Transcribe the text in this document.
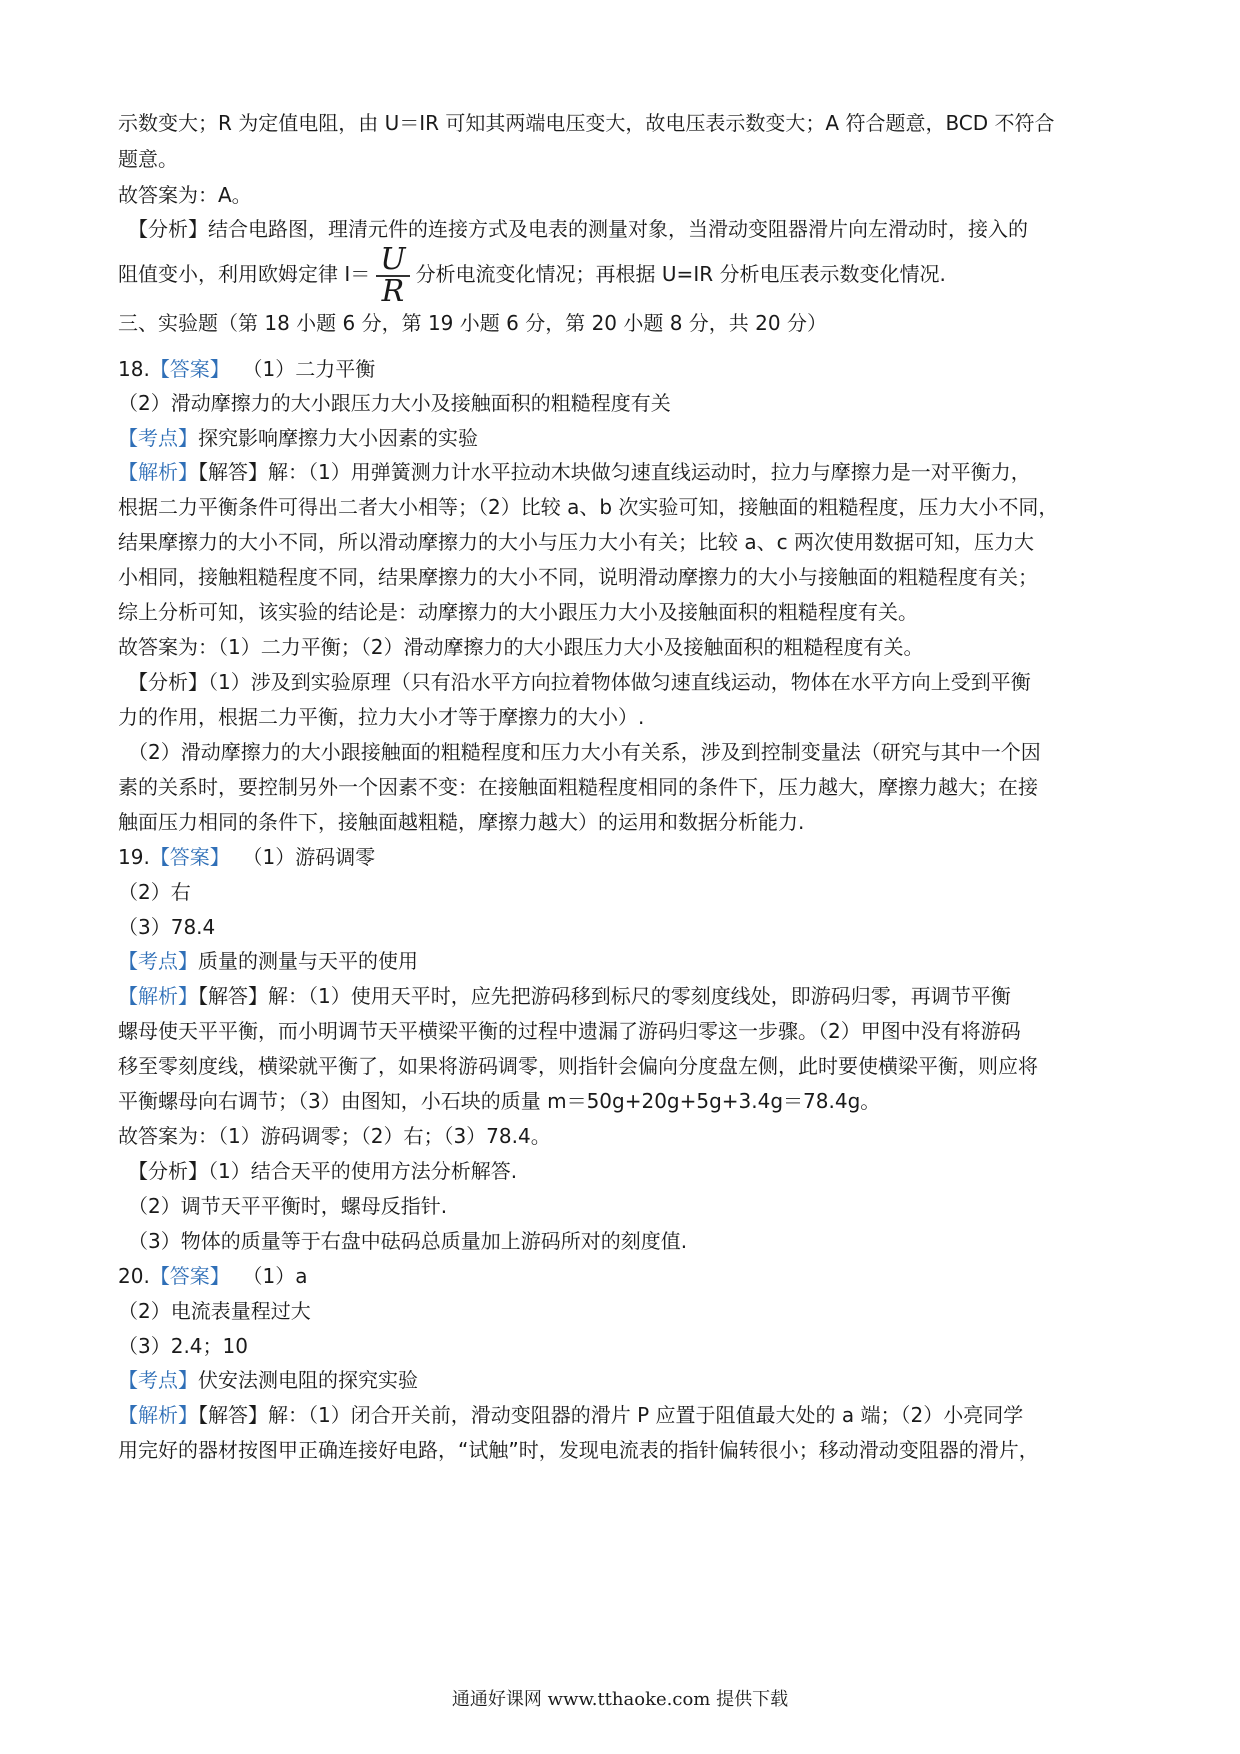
示数变大；R 为定值电阻，由 U＝IR 可知其两端电压变大，故电压表示数变大；A 符合题意，BCD 不符合
题意。
故答案为：A。
【分析】结合电路图，理清元件的连接方式及电表的测量对象，当滑动变阻器滑片向左滑动时，接入的
阻值变小，利用欧姆定律 $I= \frac{U}{R}$ 分析电流变化情况；再根据 U=IR 分析电压表示数变化情况.
三、实验题（第 18 小题 6 分，第 19 小题 6 分，第 20 小题 8 分，共 20 分）
18.【答案】 （1）二力平衡
（2）滑动摩擦力的大小跟压力大小及接触面积的粗糙程度有关
【考点】探究影响摩擦力大小因素的实验
【解析】【解答】解：（1）用弹簧测力计水平拉动木块做匀速直线运动时，拉力与摩擦力是一对平衡力，
根据二力平衡条件可得出二者大小相等；（2）比较 a、b 次实验可知，接触面的粗糙程度，压力大小不同，
结果摩擦力的大小不同，所以滑动摩擦力的大小与压力大小有关；比较 a、c 两次使用数据可知，压力大
小相同，接触粗糙程度不同，结果摩擦力的大小不同，说明滑动摩擦力的大小与接触面的粗糙程度有关；
综上分析可知，该实验的结论是：动摩擦力的大小跟压力大小及接触面积的粗糙程度有关。
故答案为：（1）二力平衡；（2）滑动摩擦力的大小跟压力大小及接触面积的粗糙程度有关。
【分析】（1）涉及到实验原理（只有沿水平方向拉着物体做匀速直线运动，物体在水平方向上受到平衡
力的作用，根据二力平衡，拉力大小才等于摩擦力的大小）.
（2）滑动摩擦力的大小跟接触面的粗糙程度和压力大小有关系，涉及到控制变量法（研究与其中一个因
素的关系时，要控制另外一个因素不变：在接触面粗糙程度相同的条件下，压力越大，摩擦力越大；在接
触面压力相同的条件下，接触面越粗糙，摩擦力越大）的运用和数据分析能力.
19.【答案】 （1）游码调零
（2）右
（3）78.4
【考点】质量的测量与天平的使用
【解析】【解答】解：（1）使用天平时，应先把游码移到标尺的零刻度线处，即游码归零，再调节平衡
螺母使天平平衡，而小明调节天平横梁平衡的过程中遗漏了游码归零这一步骤。（2）甲图中没有将游码
移至零刻度线，横梁就平衡了，如果将游码调零，则指针会偏向分度盘左侧，此时要使横梁平衡，则应将
平衡螺母向右调节；（3）由图知，小石块的质量 m＝50g+20g+5g+3.4g＝78.4g。
故答案为：（1）游码调零；（2）右；（3）78.4。
【分析】（1）结合天平的使用方法分析解答.
（2）调节天平平衡时，螺母反指针.
（3）物体的质量等于右盘中砝码总质量加上游码所对的刻度值.
20.【答案】 （1）a
（2）电流表量程过大
（3）2.4；10
【考点】伏安法测电阻的探究实验
【解析】【解答】解：（1）闭合开关前，滑动变阻器的滑片 P 应置于阻值最大处的 a 端；（2）小亮同学
用完好的器材按图甲正确连接好电路，“试触”时，发现电流表的指针偏转很小；移动滑动变阻器的滑片，
通通好课网 www.tthaoke.com 提供下载
